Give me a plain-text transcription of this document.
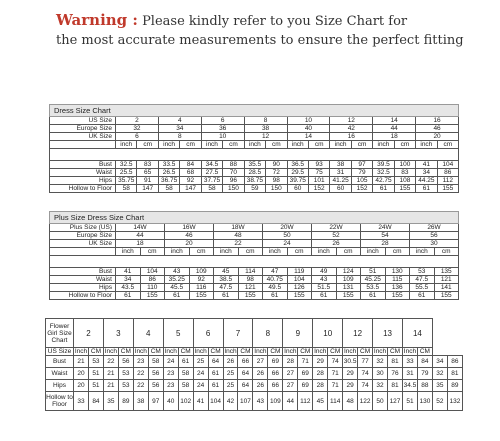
Warning : Please kindly refer to you Size Chart for
the most accurate measurements to ensure the perfect fitting
Dress Size Chart																
US Size	2		4		6		8		10		12		14		16	
Europe Size	32		34		36		38		40		42		44		46	
UK Size	6		8		10		12		14		16		18		20	
	inch	cm	inch	cm	inch	cm	inch	cm	inch	cm	inch	cm	inch	cm	inch	cm

Bust	32.5	83	33.5	84	34.5	88	35.5	90	36.5	93	38	97	39.5	100	41	104
Waist	25.5	65	26.5	68	27.5	70	28.5	72	29.5	75	31	79	32.5	83	34	86
Hips	35.75	91	36.75	92	37.75	96	38.75	98	39.75	101	41.25	105	42.75	108	44.25	112
Hollow to Floor	58	147	58	147	58	150	59	150	60	152	60	152	61	155	61	155
Plus Size Dress Size Chart														
Plus Size (US)	14W		16W		18W		20W		22W		24W		26W	
Europe Size	44		46		48		50		52		54		56	
UK Size	18		20		22		24		26		28		30	
	inch	cm	inch	cm	inch	cm	inch	cm	inch	cm	inch	cm	inch	cm

Bust	41	104	43	109	45	114	47	119	49	124	51	130	53	135
Waist	34	86	35.25	92	38.5	98	40.75	104	43	109	45.25	115	47.5	121
Hips	43.5	110	45.5	116	47.5	121	49.5	126	51.5	131	53.5	136	55.5	141
Hollow to Floor	61	155	61	155	61	155	61	155	61	155	61	155	61	155
Flower Girl Size Chart	2		3		4		5		6		7		8		9		10		12		13		14			
US Size	Inch	CM	Inch	CM	Inch	CM	Inch	CM	Inch	CM	Inch	CM	Inch	CM	Inch	CM	Inch	CM	Inch	CM	Inch	CM	Inch	CM		
Bust	21	53	22	56	23	58	24	61	25	64	26	66	27	69	28	71	29	74	30.5	77	32	81	33	84	34	86
Waist	20	51	21	53	22	56	23	58	24	61	25	64	26	66	27	69	28	71	29	74	30	76	31	79	32	81
Hips	20	51	21	53	22	56	23	58	24	61	25	64	26	66	27	69	28	71	29	74	32	81	34.5	88	35	89
Hollow to Floor	33	84	35	89	38	97	40	102	41	104	42	107	43	109	44	112	45	114	48	122	50	127	51	130	52	132
